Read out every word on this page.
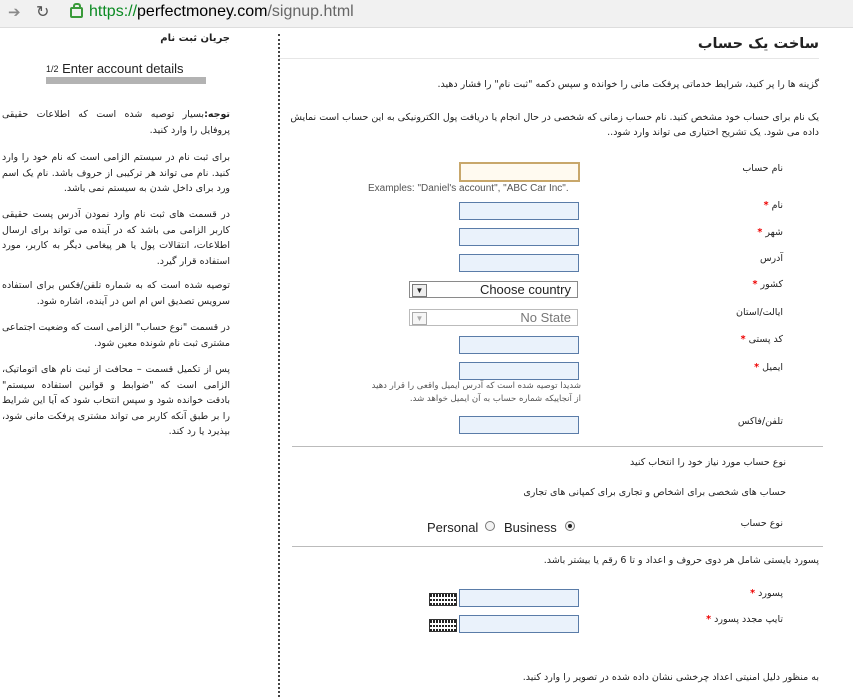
➔ ↻ https://perfectmoney.com/signup.html
جریان ثبت نام
1/2 Enter account details
توجه:بسیار توصیه شده است که اطلاعات حقیقی پروفایل را وارد کنید.
برای ثبت نام در سیستم الزامی است که نام خود را وارد کنید. نام می تواند هر ترکیبی از حروف باشد. نام یک اسم ورد برای داخل شدن به سیستم نمی باشد.
در قسمت های ثبت نام وارد نمودن آدرس پست حقیقی کاربر الزامی می باشد که در آینده می تواند برای ارسال اطلاعات، انتقالات پول یا هر پیغامی دیگر به کاربر، مورد استفاده قرار گیرد.
توصیه شده است که به شماره تلفن/فکس برای استفاده سرویس تصدیق اس ام اس در آینده، اشاره شود.
در قسمت "نوع حساب" الزامی است که وضعیت اجتماعی مشتری ثبت نام شونده معین شود.
پس از تکمیل قسمت – محافت از ثبت نام های اتوماتیک، الزامی است که "ضوابط و قوانین استفاده سیستم" بادقت خوانده شود و سپس انتخاب شود که آیا این شرایط را بر طبق آنکه کاربر می تواند مشتری پرفکت مانی شود، بپذیرد یا رد کند.
ساخت یک حساب
گزینه ها را پر کنید، شرایط خدماتی پرفکت مانی را خوانده و سپس دکمه "ثبت نام" را فشار دهید.
یک نام برای حساب خود مشخص کنید. نام حساب زمانی که شخصی در حال انجام یا دریافت پول الکترونیکی به این حساب است نمایش داده می شود. یک تشریح اختیاری می تواند وارد شود..
نام حساب
Examples: "Daniel's account", "ABC Car Inc".
نام *
شهر *
آدرس
کشور *
▼	Choose country
ایالت/استان
▼	No State
کد پستی *
ایمیل *
شدیدا توصیه شده است که آدرس ایمیل واقعی را قرار دهید از آنجاییکه شماره حساب به آن ایمیل خواهد شد.
تلفن/فاکس
نوع حساب مورد نیاز خود را انتخاب کنید
حساب های شخصی برای اشخاص و تجاری برای کمپانی های تجاری
نوع حساب
Personal Business
پسورد بایستی شامل هر دوی حروف و اعداد و تا 6 رقم یا بیشتر باشد.
پسورد *
تایپ مجدد پسورد *
به منظور دلیل امنیتی اعداد چرخشی نشان داده شده در تصویر را وارد کنید.
